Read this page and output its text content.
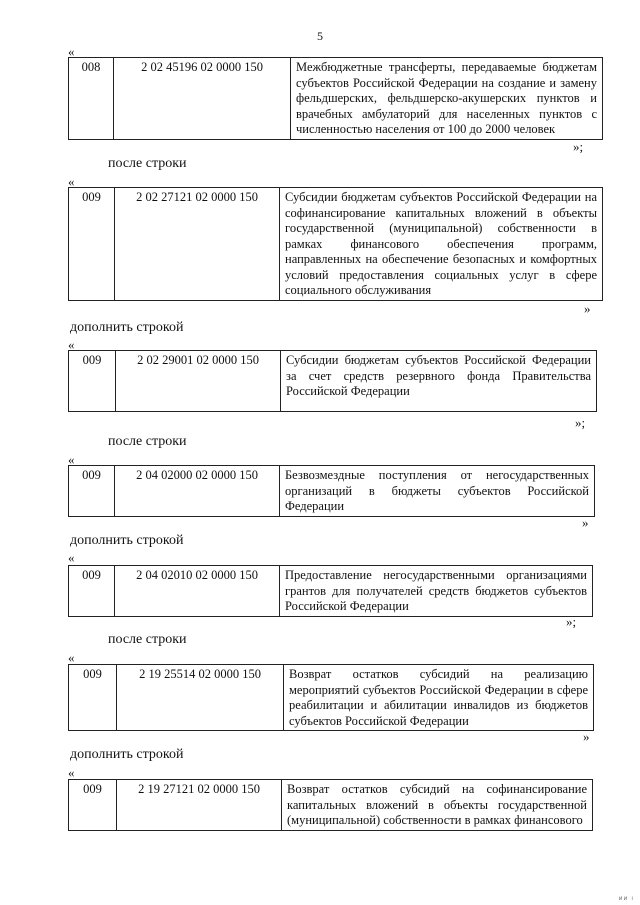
5
«
008	2 02 45196 02 0000 150	Межбюджетные трансферты, передаваемые бюджетам субъектов Российской Федерации на создание и замену фельдшерских, фельдшерско-акушерских пунктов и врачебных амбулаторий для населенных пунктов с численностью населения от 100 до 2000 человек
»;
после строки
«
009	2 02 27121 02 0000 150	Субсидии бюджетам субъектов Российской Федерации на софинансирование капитальных вложений в объекты государственной (муниципальной) собственности в рамках финансового обеспечения программ, направленных на обеспечение безопасных и комфортных условий предоставления социальных услуг в сфере социального обслуживания
»
дополнить строкой
«
009	2 02 29001 02 0000 150	Субсидии бюджетам субъектов Российской Федерации за счет средств резервного фонда Правительства Российской Федерации
»;
после строки
«
009	2 04 02000 02 0000 150	Безвозмездные поступления от негосударственных организаций в бюджеты субъектов Российской Федерации
»
дополнить строкой
«
009	2 04 02010 02 0000 150	Предоставление негосударственными организациями грантов для получателей средств бюджетов субъектов Российской Федерации
»;
после строки
«
009	2 19 25514 02 0000 150	Возврат остатков субсидий на реализацию мероприятий субъектов Российской Федерации в сфере реабилитации и абилитации инвалидов из бюджетов субъектов Российской Федерации
»
дополнить строкой
«
009	2 19 27121 02 0000 150	Возврат остатков субсидий на софинансирование капитальных вложений в объекты государственной (муниципальной) собственности в рамках финансового
ии ı
